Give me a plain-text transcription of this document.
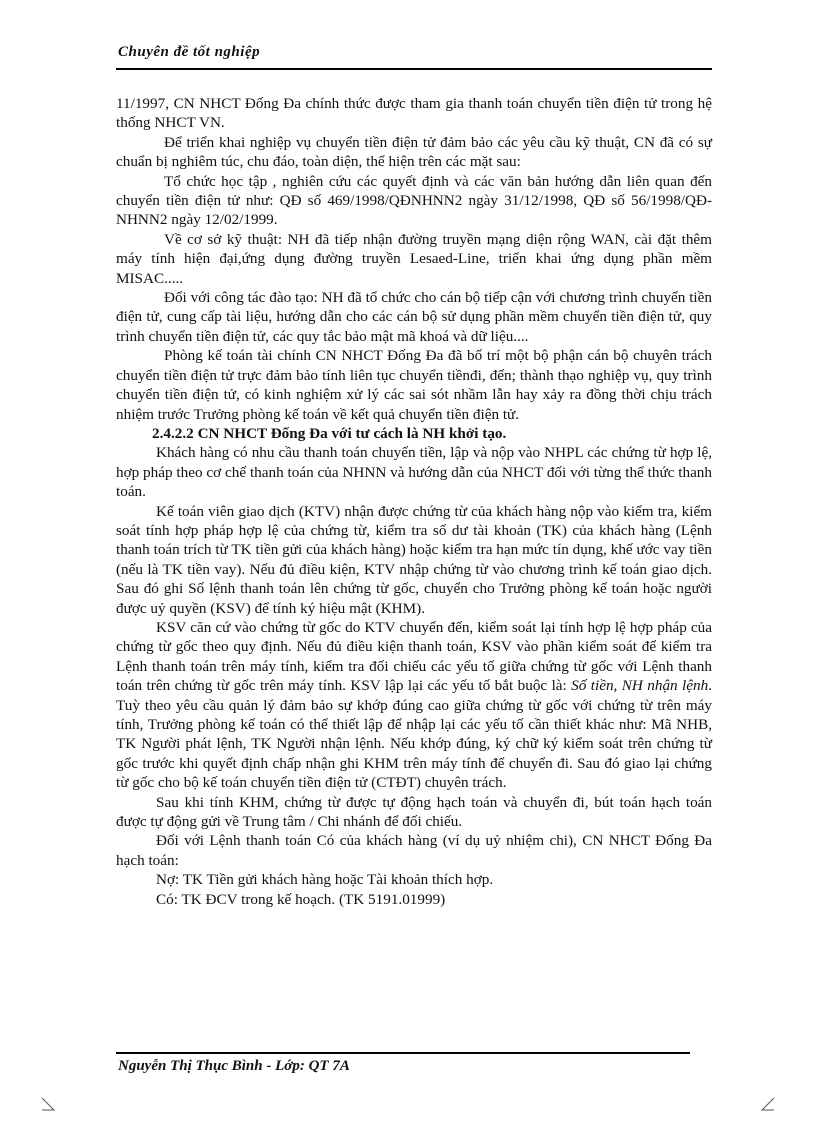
Chuyên đề tốt nghiệp

11/1997, CN NHCT Đống Đa chính thức được tham gia thanh toán chuyển tiền điện tử trong hệ thống NHCT VN.

Để triển khai nghiệp vụ chuyển tiền điện tử đảm bảo các yêu cầu kỹ thuật, CN đã có sự chuẩn bị nghiêm túc, chu đáo, toàn diện, thể hiện trên các mặt sau:

Tổ chức học tập , nghiên cứu các quyết định và các văn bản hướng dẫn liên quan đến chuyển tiền điện tử như: QĐ số 469/1998/QĐNHNN2 ngày 31/12/1998, QĐ số 56/1998/QĐ-NHNN2 ngày 12/02/1999.

Về cơ sở kỹ thuật: NH đã tiếp nhận đường truyền mạng diện rộng WAN, cài đặt thêm máy tính hiện đại,ứng dụng đường truyền Lesaed-Line, triển khai ứng dụng phần mềm MISAC.....

Đối với công tác đào tạo: NH đã tổ chức cho cán bộ tiếp cận với chương trình chuyển tiền điện tử, cung cấp tài liệu, hướng dẫn cho các cán bộ sử dụng phần mềm chuyển tiền điện tử, quy trình chuyển tiền điện tử, các quy tắc bảo mật mã khoá và dữ liệu....

Phòng kế toán tài chính CN NHCT Đống Đa đã bố trí một bộ phận cán bộ chuyên trách chuyển tiền điện tử trực đảm bảo tính liên tục chuyển tiềnđi, đến; thành thạo nghiệp vụ, quy trình chuyển tiền điện tử, có kinh nghiệm xử lý các sai sót nhầm lẫn hay xảy ra đồng thời chịu trách nhiệm trước Trưởng phòng kế toán về kết quả chuyển tiền điện tử.

2.4.2.2 CN NHCT Đống Đa với tư cách là NH khởi tạo.

Khách hàng có nhu cầu thanh toán chuyển tiền, lập và nộp vào NHPL các chứng từ hợp lệ, hợp pháp theo cơ chế thanh toán của NHNN và hướng dẫn của NHCT đối với từng thể thức thanh toán.

Kế toán viên giao dịch (KTV) nhận được chứng từ của khách hàng nộp vào kiểm tra, kiểm soát tính hợp pháp hợp lệ của chứng từ, kiểm tra số dư tài khoản (TK) của khách hàng (Lệnh thanh toán trích từ TK tiền gửi của khách hàng) hoặc kiểm tra hạn mức tín dụng, khế ước vay tiền (nếu là TK tiền vay). Nếu đủ điều kiện, KTV nhập chứng từ vào chương trình kế toán giao dịch. Sau đó ghi Số lệnh thanh toán lên chứng từ gốc, chuyển cho Trưởng phòng kế toán hoặc người được uỷ quyền (KSV) để tính ký hiệu mật (KHM).

KSV căn cứ vào chứng từ gốc do KTV chuyển đến, kiểm soát lại tính hợp lệ hợp pháp của chứng từ gốc theo quy định. Nếu đủ điều kiện thanh toán, KSV vào phần kiểm soát để kiểm tra Lệnh thanh toán trên máy tính, kiểm tra đối chiếu các yếu tố giữa chứng từ gốc với Lệnh thanh toán trên chứng từ gốc trên máy tính. KSV lập lại các yếu tố bắt buộc là: Số tiền, NH nhận lệnh. Tuỳ theo yêu cầu quản lý đảm bảo sự khớp đúng cao giữa chứng từ gốc với chứng từ trên máy tính, Trưởng phòng kế toán có thể thiết lập để nhập lại các yếu tố cần thiết khác như: Mã NHB, TK Người phát lệnh, TK Người nhận lệnh. Nếu khớp đúng, ký chữ ký kiểm soát trên chứng từ gốc trước khi quyết định chấp nhận ghi KHM trên máy tính để chuyển đi. Sau đó giao lại chứng từ gốc cho bộ kế toán chuyển tiền điện tử (CTĐT) chuyên trách.

Sau khi tính KHM, chứng từ được tự động hạch toán và chuyển đi, bút toán hạch toán được tự động gửi về Trung tâm / Chi nhánh để đối chiếu.

Đối với Lệnh thanh toán Có của khách hàng (ví dụ uỷ nhiệm chi), CN NHCT Đống Đa hạch toán:

Nợ: TK Tiền gửi khách hàng hoặc Tài khoản thích hợp.

Có: TK ĐCV trong kế hoạch. (TK 5191.01999)

Nguyễn Thị Thục Bình - Lớp: QT 7A
